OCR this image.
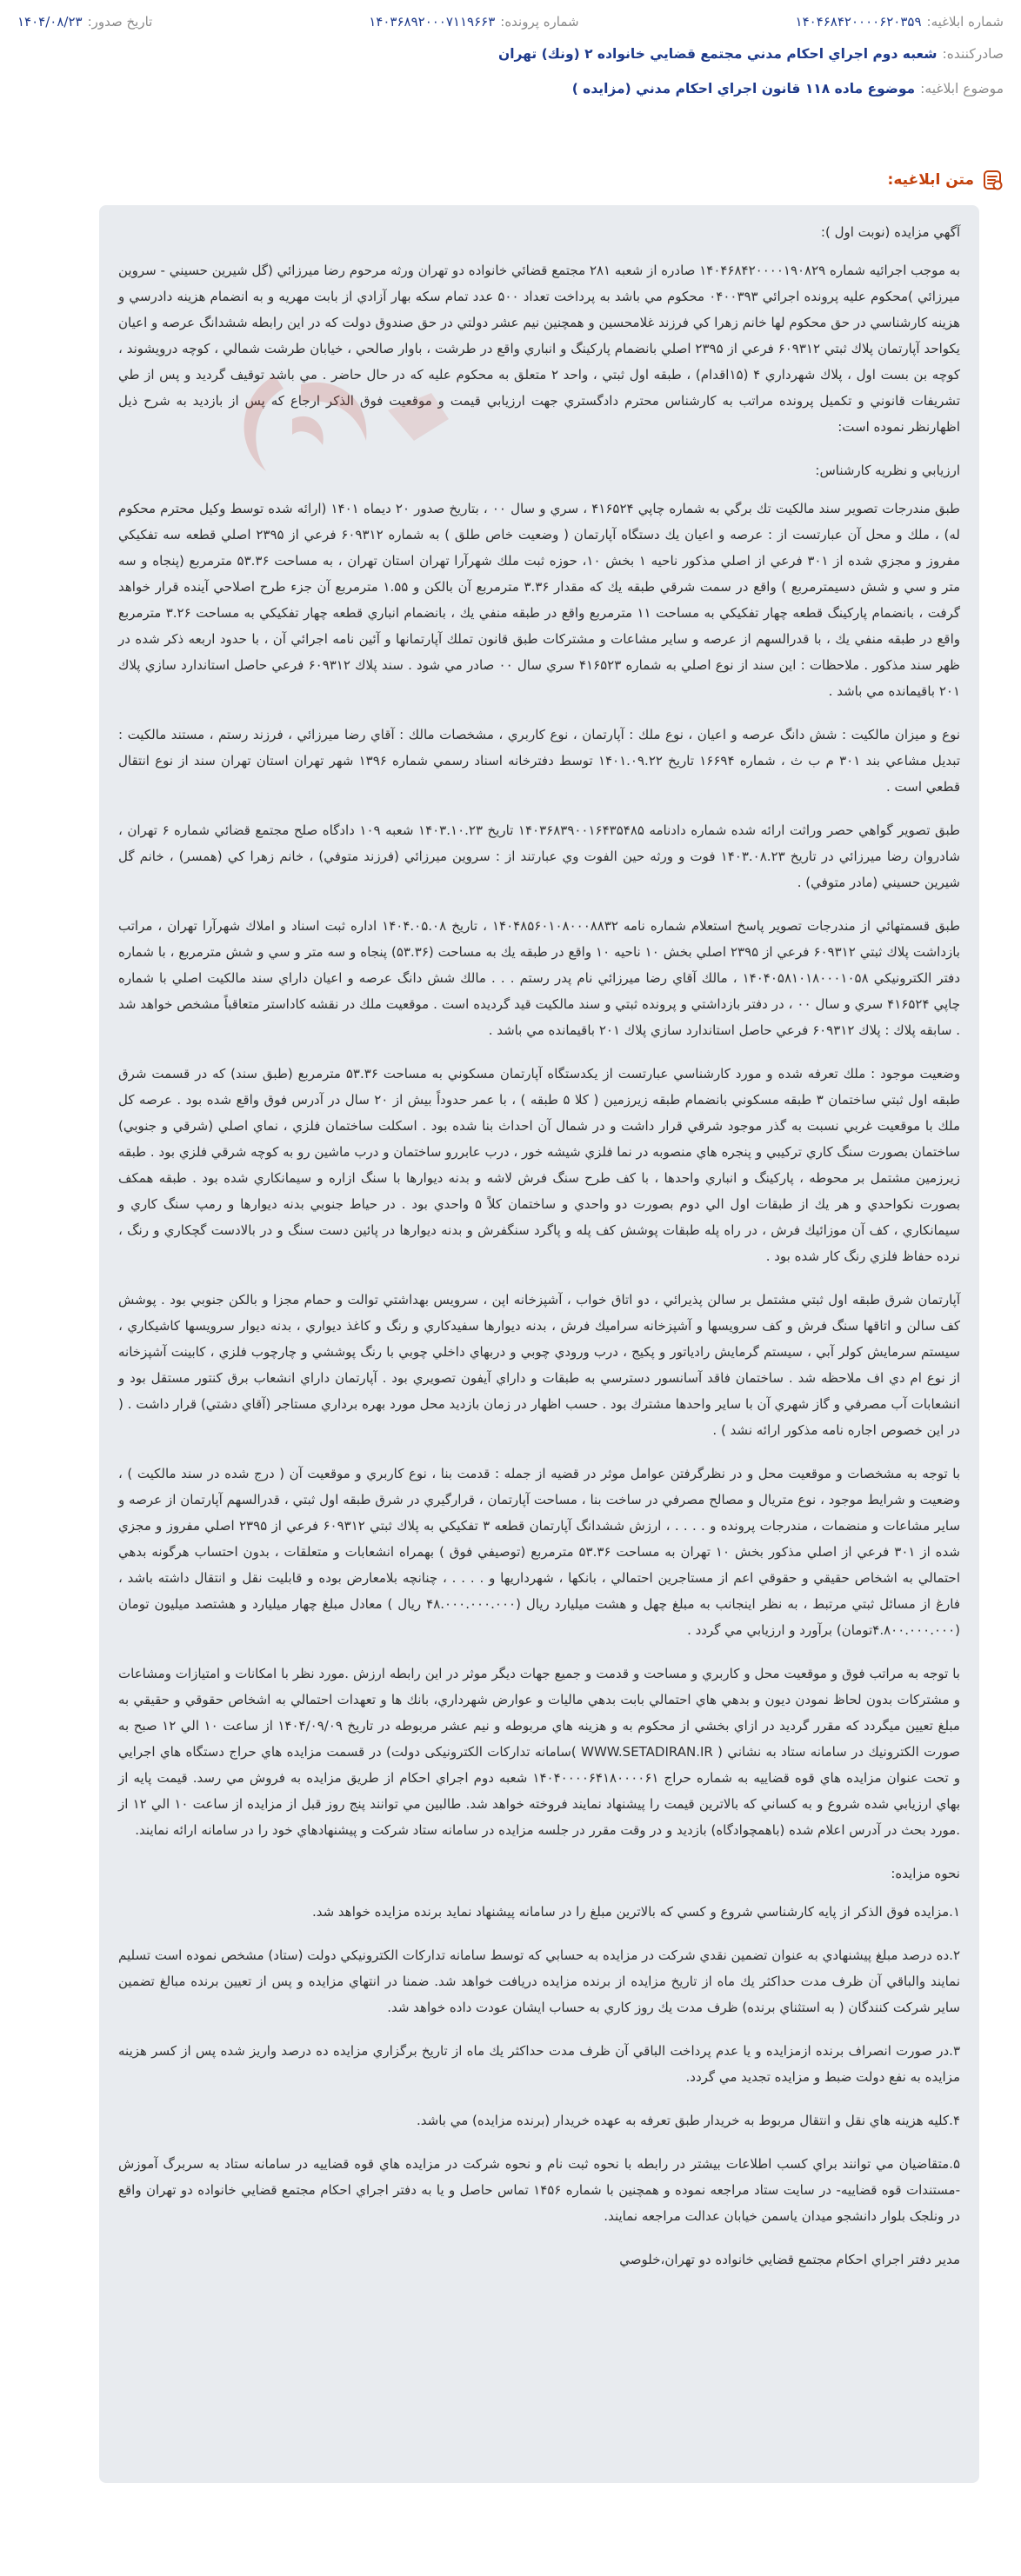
شماره ابلاغيه:
۱۴۰۴۶۸۴۲۰۰۰۰۶۲۰۳۵۹
شماره پرونده:
۱۴۰۳۶۸۹۲۰۰۰۷۱۱۹۶۶۳
تاريخ صدور:
۱۴۰۴/۰۸/۲۳
صادرکننده:
شعبه دوم اجراي احكام مدني مجتمع قضايي خانواده ۲ (ونك) تهران
موضوع ابلاغيه:
موضوع ماده ۱۱۸ قانون اجراي احكام مدني (مزايده )
متن ابلاغيه:

آگهي مزايده (نوبت اول ):

به موجب اجرائيه شماره ۱۴۰۴۶۸۴۲۰۰۰۰۱۹۰۸۲۹ صادره از شعبه ۲۸۱ مجتمع قضائي خانواده دو تهران ورثه مرحوم رضا ميرزائي (گل شيرين حسيني - سروين ميرزائي )محكوم عليه پرونده اجرائي ۰۴۰۰۳۹۳ محكوم مي باشد به پرداخت تعداد ۵۰۰ عدد تمام سكه بهار آزادي از بابت مهريه و به انضمام هزينه دادرسي و هزينه كارشناسي در حق محكوم لها خانم زهرا كي فرزند غلامحسين و همچنين نيم عشر دولتي در حق صندوق دولت كه در اين رابطه ششدانگ عرصه و اعيان يكواحد آپارتمان پلاك ثبتي ۶۰۹۳۱۲ فرعي از ۲۳۹۵ اصلي بانضمام پاركينگ و انباري واقع در طرشت ، باوار صالحي ، خيابان طرشت شمالي ، كوچه درويشوند ، كوچه بن بست اول ، پلاك شهرداري ۴ (۱۵اقدام) ، طبقه اول ثبتي ، واحد ۲ متعلق به محكوم عليه كه در حال حاضر . مي باشد توقيف گرديد و پس از طي تشريفات قانوني و تكميل پرونده مراتب به كارشناس محترم دادگستري جهت ارزيابي قيمت و موقعيت فوق الذكر ارجاع كه پس از بازديد به شرح ذيل اظهارنظر نموده است:

ارزيابي و نظريه كارشناس:

طبق مندرجات تصوير سند مالكيت تك برگي به شماره چاپي ۴۱۶۵۲۴ ، سري و سال ۰۰ ، بتاريخ صدور ۲۰ ديماه ۱۴۰۱ (ارائه شده توسط وكيل محترم محكوم له) ، ملك و محل آن عبارتست از : عرصه و اعيان يك دستگاه آپارتمان ( وضعيت خاص طلق ) به شماره ۶۰۹۳۱۲ فرعي از ۲۳۹۵ اصلي قطعه سه تفكيكي مفروز و مجزي شده از ۳۰۱ فرعي از اصلي مذكور ناحيه ۱ بخش ۱۰، حوزه ثبت ملك شهرآرا تهران استان تهران ، به مساحت ۵۳.۳۶ مترمربع (پنجاه و سه متر و سي و شش دسيمترمربع ) واقع در سمت شرقي طبقه يك كه مقدار ۳.۳۶ مترمربع آن بالكن و ۱.۵۵ مترمربع آن جزء طرح اصلاحي آينده قرار خواهد گرفت ، بانضمام پاركينگ قطعه چهار تفكيكي به مساحت ۱۱ مترمربع واقع در طبقه منفي يك ، بانضمام انباري قطعه چهار تفكيكي به مساحت ۳.۲۶ مترمربع واقع در طبقه منفي يك ، با قدرالسهم از عرصه و ساير مشاعات و مشتركات طبق قانون تملك آپارتمانها و آئين نامه اجرائي آن ، با حدود اربعه ذكر شده در ظهر سند مذكور . ملاحظات : اين سند از نوع اصلي به شماره ۴۱۶۵۲۳ سري سال ۰۰ صادر مي شود . سند پلاك ۶۰۹۳۱۲ فرعي حاصل استاندارد سازي پلاك ۲۰۱ باقيمانده مي باشد .

نوع و ميزان مالكيت : شش دانگ عرصه و اعيان ، نوع ملك : آپارتمان ، نوع كاربري ، مشخصات مالك : آقاي رضا ميرزائي ، فرزند رستم ، مستند مالكيت : تبديل مشاعي بند ۳۰۱ م ب ث ، شماره ۱۶۶۹۴ تاريخ ۱۴۰۱.۰۹.۲۲ توسط دفترخانه اسناد رسمي شماره ۱۳۹۶ شهر تهران استان تهران سند از نوع انتقال قطعي است .

طبق تصوير گواهي حصر وراثت ارائه شده شماره دادنامه ۱۴۰۳۶۸۳۹۰۰۱۶۴۳۵۴۸۵ تاريخ ۱۴۰۳.۱۰.۲۳ شعبه ۱۰۹ دادگاه صلح مجتمع قضائي شماره ۶ تهران ، شادروان رضا ميرزائي در تاريخ ۱۴۰۳.۰۸.۲۳ فوت و ورثه حين الفوت وي عبارتند از : سروين ميرزائي (فرزند متوفي) ، خانم زهرا كي (همسر) ، خانم گل شيرين حسيني (مادر متوفي) .

طبق قسمتهائي از مندرجات تصوير پاسخ استعلام شماره نامه ۱۴۰۴۸۵۶۰۱۰۸۰۰۰۸۸۳۲ ، تاريخ ۱۴۰۴.۰۵.۰۸ اداره ثبت اسناد و املاك شهرآرا تهران ، مراتب بازداشت پلاك ثبتي ۶۰۹۳۱۲ فرعي از ۲۳۹۵ اصلي بخش ۱۰ ناحيه ۱۰ واقع در طبقه يك به مساحت (۵۳.۳۶) پنجاه و سه متر و سي و شش مترمربع ، با شماره دفتر الكترونيكي ۱۴۰۴۰۵۸۱۰۱۸۰۰۰۱۰۵۸ ، مالك آقاي رضا ميرزائي نام پدر رستم . . . مالك شش دانگ عرصه و اعيان داراي سند مالكيت اصلي با شماره چاپي ۴۱۶۵۲۴ سري و سال ۰۰ ، در دفتر بازداشتي و پرونده ثبتي و سند مالكيت قيد گرديده است . موقعيت ملك در نقشه كاداستر متعاقباً مشخص خواهد شد . سابقه پلاك : پلاك ۶۰۹۳۱۲ فرعي حاصل استاندارد سازي پلاك ۲۰۱ باقيمانده مي باشد .

وضعيت موجود : ملك تعرفه شده و مورد كارشناسي عبارتست از يكدستگاه آپارتمان مسكوني به مساحت ۵۳.۳۶ مترمربع (طبق سند) كه در قسمت شرق طبقه اول ثبتي ساختمان ۳ طبقه مسكوني بانضمام طبقه زيرزمين ( كلا ۵ طبقه ) ، با عمر حدوداً بيش از ۲۰ سال در آدرس فوق واقع شده بود . عرصه كل ملك با موقعيت غربي نسبت به گذر موجود شرقي قرار داشت و در شمال آن احداث بنا شده بود . اسكلت ساختمان فلزي ، نماي اصلي (شرقي و جنوبي) ساختمان بصورت سنگ كاري تركيبي و پنجره هاي منصوبه در نما فلزي شيشه خور ، درب عابررو ساختمان و درب ماشين رو به كوچه شرقي فلزي بود . طبقه زيرزمين مشتمل بر محوطه ، پاركينگ و انباري واحدها ، با كف طرح سنگ فرش لاشه و بدنه ديوارها با سنگ ازاره و سيمانكاري شده بود . طبقه همكف بصورت نكواحدي و هر يك از طبقات اول الي دوم بصورت دو واحدي و ساختمان كلاً ۵ واحدي بود . در حياط جنوبي بدنه ديوارها و رمپ سنگ كاري و سيمانكاري ، كف آن موزائيك فرش ، در راه پله طبقات پوشش كف پله و پاگرد سنگفرش و بدنه ديوارها در پائين دست سنگ و در بالادست گچكاري و رنگ ، نرده حفاظ فلزي رنگ كار شده بود .

آپارتمان شرق طبقه اول ثبتي مشتمل بر سالن پذيرائي ، دو اتاق خواب ، آشپزخانه اپن ، سرويس بهداشتي توالت و حمام مجزا و بالكن جنوبي بود . پوشش كف سالن و اتاقها سنگ فرش و كف سرويسها و آشپزخانه سراميك فرش ، بدنه ديوارها سفيدكاري و رنگ و كاغذ ديواري ، بدنه ديوار سرويسها كاشيكاري ، سيستم سرمايش كولر آبي ، سيستم گرمايش رادياتور و پكيج ، درب ورودي چوبي و دربهاي داخلي چوبي با رنگ پوششي و چارچوب فلزي ، كابينت آشپزخانه از نوع ام دي اف ملاحظه شد . ساختمان فاقد آسانسور دسترسي به طبقات و داراي آيفون تصويري بود . آپارتمان داراي انشعاب برق كنتور مستقل بود و انشعابات آب مصرفي و گاز شهري آن با ساير واحدها مشترك بود . حسب اظهار در زمان بازديد محل مورد بهره برداري مستاجر (آقاي دشتي) قرار داشت . ( در اين خصوص اجاره نامه مذكور ارائه نشد ) .

با توجه به مشخصات و موقعيت محل و در نظرگرفتن عوامل موثر در قضيه از جمله : قدمت بنا ، نوع كاربري و موقعيت آن ( درج شده در سند مالكيت ) ، وضعيت و شرايط موجود ، نوع متريال و مصالح مصرفي در ساخت بنا ، مساحت آپارتمان ، قرارگيري در شرق طبقه اول ثبتي ، قدرالسهم آپارتمان از عرصه و ساير مشاعات و منضمات ، مندرجات پرونده و . . . . ، ارزش ششدانگ آپارتمان قطعه ۳ تفكيكي به پلاك ثبتي ۶۰۹۳۱۲ فرعي از ۲۳۹۵ اصلي مفروز و مجزي شده از ۳۰۱ فرعي از اصلي مذكور بخش ۱۰ تهران به مساحت ۵۳.۳۶ مترمربع (توصيفي فوق ) بهمراه انشعابات و متعلقات ، بدون احتساب هرگونه بدهي احتمالي به اشخاص حقيقي و حقوقي اعم از مستاجرين احتمالي ، بانكها ، شهرداريها و . . . . ، چنانچه بلامعارض بوده و قابليت نقل و انتقال داشته باشد ، فارغ از مسائل ثبتي مرتبط ، به نظر اينجانب به مبلغ چهل و هشت ميليارد ريال (۴۸.۰۰۰.۰۰۰.۰۰۰ ريال ) معادل مبلغ چهار ميليارد و هشتصد ميليون تومان (۴.۸۰۰.۰۰۰.۰۰۰تومان) برآورد و ارزيابي مي گردد .

با توجه به مراتب فوق و موقعيت محل و كاربري و مساحت و قدمت و جميع جهات ديگر موثر در اين رابطه ارزش .مورد نظر با امكانات و امتيازات ومشاعات و مشتركات بدون لحاظ نمودن ديون و بدهي هاي احتمالي بابت بدهي ماليات و عوارض شهرداري، بانك ها و تعهدات احتمالي به اشخاص حقوقي و حقيقي به مبلغ تعيين ميگردد كه مقرر گرديد در ازاي بخشي از محكوم به و هزينه هاي مربوطه و نيم عشر مربوطه در تاريخ ۱۴۰۴/۰۹/۰۹ از ساعت ۱۰ الي ۱۲ صبح به صورت الكترونيك در سامانه ستاد به نشاني ( WWW.SETADIRAN.IR )سامانه تدارکات الکترونیکی دولت) در قسمت مزايده هاي حراج دستگاه هاي اجرايي و تحت عنوان مزايده هاي قوه قضاييه به شماره حراج ۱۴۰۴۰۰۰۰۶۴۱۸۰۰۰۰۶۱ شعبه دوم اجراي احكام از طريق مزايده به فروش مي رسد. قيمت پايه از بهاي ارزيابي شده شروع و به كساني كه بالاترين قيمت را پيشنهاد نمايند فروخته خواهد شد. طالبين مي توانند پنج روز قبل از مزايده از ساعت ۱۰ الي ۱۲ از .مورد بحث در آدرس اعلام شده (باهمچوادگاه) بازديد و در وقت مقرر در جلسه مزايده در سامانه ستاد شركت و پيشنهادهاي خود را در سامانه ارائه نمايند.

نحوه مزايده:

۱.مزايده فوق الذكر از پايه كارشناسي شروع و كسي كه بالاترين مبلغ را در سامانه پيشنهاد نمايد برنده مزايده خواهد شد.

۲.ده درصد مبلغ پيشنهادي به عنوان تضمين نقدي شركت در مزايده به حسابي كه توسط سامانه تداركات الكترونيكي دولت (ستاد) مشخص نموده است تسليم نمايند والباقي آن ظرف مدت حداكثر يك ماه از تاريخ مزايده از برنده مزايده دريافت خواهد شد. ضمنا در انتهاي مزايده و پس از تعيين برنده مبالغ تضمين ساير شركت كنندگان ( به استثناي برنده) ظرف مدت يك روز كاري به حساب ايشان عودت داده خواهد شد.

۳.در صورت انصراف برنده ازمزايده و يا عدم پرداخت الباقي آن ظرف مدت حداكثر يك ماه از تاريخ برگزاري مزايده ده درصد واريز شده پس از كسر هزينه مزايده به نفع دولت ضبط و مزايده تجديد مي گردد.

۴.كليه هزينه هاي نقل و انتقال مربوط به خريدار طبق تعرفه به عهده خريدار (برنده مزايده) مي باشد.

۵.متقاضيان مي توانند براي كسب اطلاعات بيشتر در رابطه با نحوه ثبت نام و نحوه شركت در مزايده هاي قوه قضاييه در سامانه ستاد به سربرگ آموزش -مستندات قوه قضاييه- در سايت ستاد مراجعه نموده و همچنين با شماره ۱۴۵۶ تماس حاصل و يا به دفتر اجراي احكام مجتمع قضايي خانواده دو تهران واقع در ونلجک بلوار دانشجو ميدان ياسمن خيابان عدالت مراجعه نمايند.

مدير دفتر اجراي احكام مجتمع قضايي خانواده دو تهران،خلوصي
